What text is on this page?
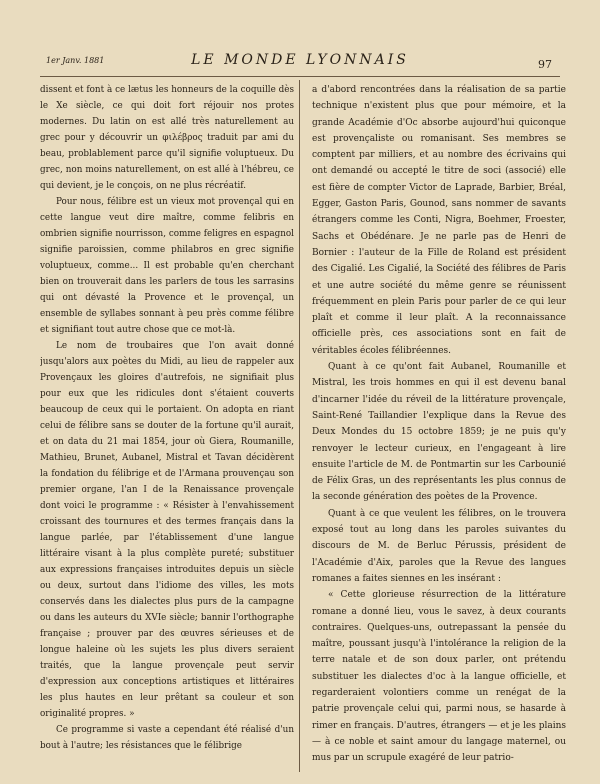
1er Janv. 1881	LE MONDE LYONNAIS	97

dissent et font à ce lætus les honneurs de la coquille dès le Xe siècle, ce qui doit fort réjouir nos protes modernes. Du latin on est allé très naturellement au grec pour y découvrir un φιλέβρος traduit par ami du beau, problablement parce qu'il signifie voluptueux. Du grec, non moins naturellement, on est allé à l'hébreu, ce qui devient, je le conçois, on ne plus récréatif.

Pour nous, félibre est un vieux mot provençal qui en cette langue veut dire maître, comme felibris en ombrien signifie nourrisson, comme feligres en espagnol signifie paroissien, comme philabros en grec signifie voluptueux, comme... Il est probable qu'en cherchant bien on trouverait dans les parlers de tous les sarrasins qui ont dévasté la Provence et le provençal, un ensemble de syllabes sonnant à peu près comme félibre et signifiant tout autre chose que ce mot-là.

Le nom de troubaires que l'on avait donné jusqu'alors aux poètes du Midi, au lieu de rappeler aux Provençaux les gloires d'autrefois, ne signifiait plus pour eux que les ridicules dont s'étaient couverts beaucoup de ceux qui le portaient. On adopta en riant celui de félibre sans se douter de la fortune qu'il aurait, et on data du 21 mai 1854, jour où Giera, Roumanille, Mathieu, Brunet, Aubanel, Mistral et Tavan décidèrent la fondation du félibrige et de l'Armana prouvençau son premier organe, l'an I de la Renaissance provençale dont voici le programme : « Résister à l'envahissement croissant des tournures et des termes français dans la langue parlée, par l'établissement d'une langue littéraire visant à la plus complète pureté; substituer aux expressions françaises introduites depuis un siècle ou deux, surtout dans l'idiome des villes, les mots conservés dans les dialectes plus purs de la campagne ou dans les auteurs du XVIe siècle; bannir l'orthographe française ; prouver par des œuvres sérieuses et de longue haleine où les sujets les plus divers seraient traités, que la langue provençale peut servir d'expression aux conceptions artistiques et littéraires les plus hautes en leur prêtant sa couleur et son originalité propres. »

Ce programme si vaste a cependant été réalisé d'un bout à l'autre; les résistances que le félibrige

a d'abord rencontrées dans la réalisation de sa partie technique n'existent plus que pour mémoire, et la grande Académie d'Oc absorbe aujourd'hui quiconque est provençaliste ou romanisant. Ses membres se comptent par milliers, et au nombre des écrivains qui ont demandé ou accepté le titre de soci (associé) elle est fière de compter Victor de Laprade, Barbier, Bréal, Egger, Gaston Paris, Gounod, sans nommer de savants étrangers comme les Conti, Nigra, Boehmer, Froester, Sachs et Obédénare. Je ne parle pas de Henri de Bornier : l'auteur de la Fille de Roland est président des Cigalié. Les Cigalié, la Société des félibres de Paris et une autre société du même genre se réunissent fréquemment en plein Paris pour parler de ce qui leur plaît et comme il leur plaît. A la reconnaissance officielle près, ces associations sont en fait de véritables écoles félibréennes.

Quant à ce qu'ont fait Aubanel, Roumanille et Mistral, les trois hommes en qui il est devenu banal d'incarner l'idée du réveil de la littérature provençale, Saint-René Taillandier l'explique dans la Revue des Deux Mondes du 15 octobre 1859; je ne puis qu'y renvoyer le lecteur curieux, en l'engageant à lire ensuite l'article de M. de Pontmartin sur les Carbounié de Félix Gras, un des représentants les plus connus de la seconde génération des poètes de la Provence.

Quant à ce que veulent les félibres, on le trouvera exposé tout au long dans les paroles suivantes du discours de M. de Berluc Pérussis, président de l'Académie d'Aix, paroles que la Revue des langues romanes a faites siennes en les insérant :

« Cette glorieuse résurrection de la littérature romane a donné lieu, vous le savez, à deux courants contraires. Quelques-uns, outrepassant la pensée du maître, poussant jusqu'à l'intolérance la religion de la terre natale et de son doux parler, ont prétendu substituer les dialectes d'oc à la langue officielle, et regarderaient volontiers comme un renégat de la patrie provençale celui qui, parmi nous, se hasarde à rimer en français. D'autres, étrangers — et je les plains — à ce noble et saint amour du langage maternel, ou mus par un scrupule exagéré de leur patrio-
